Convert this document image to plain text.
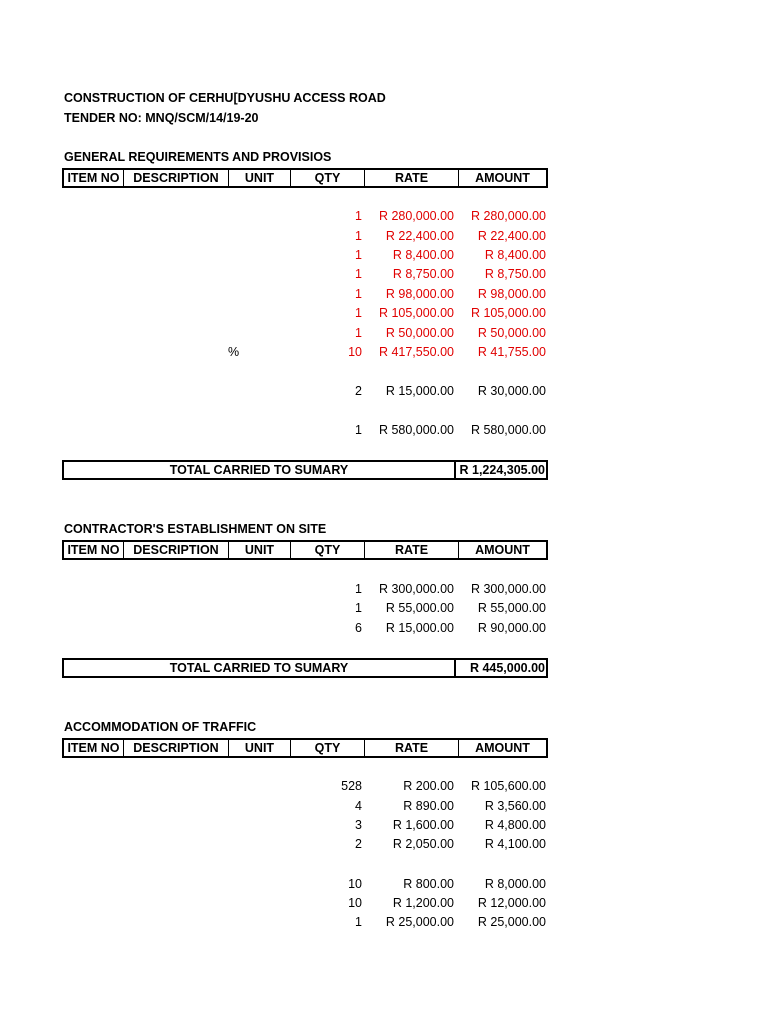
CONSTRUCTION OF CERHU[DYUSHU ACCESS ROAD
TENDER NO: MNQ/SCM/14/19-20
GENERAL REQUIREMENTS AND PROVISIOS
ITEM NO	DESCRIPTION	UNIT	QTY	RATE	AMOUNT
1 R 280,000.00 R 280,000.00
1 R 22,400.00 R 22,400.00
1 R 8,400.00 R 8,400.00
1 R 8,750.00 R 8,750.00
1 R 98,000.00 R 98,000.00
1 R 105,000.00 R 105,000.00
1 R 50,000.00 R 50,000.00
%	10 R 417,550.00 R 41,755.00
2 R 15,000.00 R 30,000.00
1 R 580,000.00 R 580,000.00
TOTAL CARRIED TO SUMARY	R 1,224,305.00
CONTRACTOR'S ESTABLISHMENT ON SITE
ITEM NO	DESCRIPTION	UNIT	QTY	RATE	AMOUNT
1 R 300,000.00 R 300,000.00
1 R 55,000.00 R 55,000.00
6 R 15,000.00 R 90,000.00
TOTAL CARRIED TO SUMARY	R 445,000.00
ACCOMMODATION OF TRAFFIC
ITEM NO	DESCRIPTION	UNIT	QTY	RATE	AMOUNT
528	R 200.00 R 105,600.00
4	R 890.00 R 3,560.00
3 R 1,600.00 R 4,800.00
2 R 2,050.00 R 4,100.00
10	R 800.00 R 8,000.00
10 R 1,200.00 R 12,000.00
1 R 25,000.00 R 25,000.00
